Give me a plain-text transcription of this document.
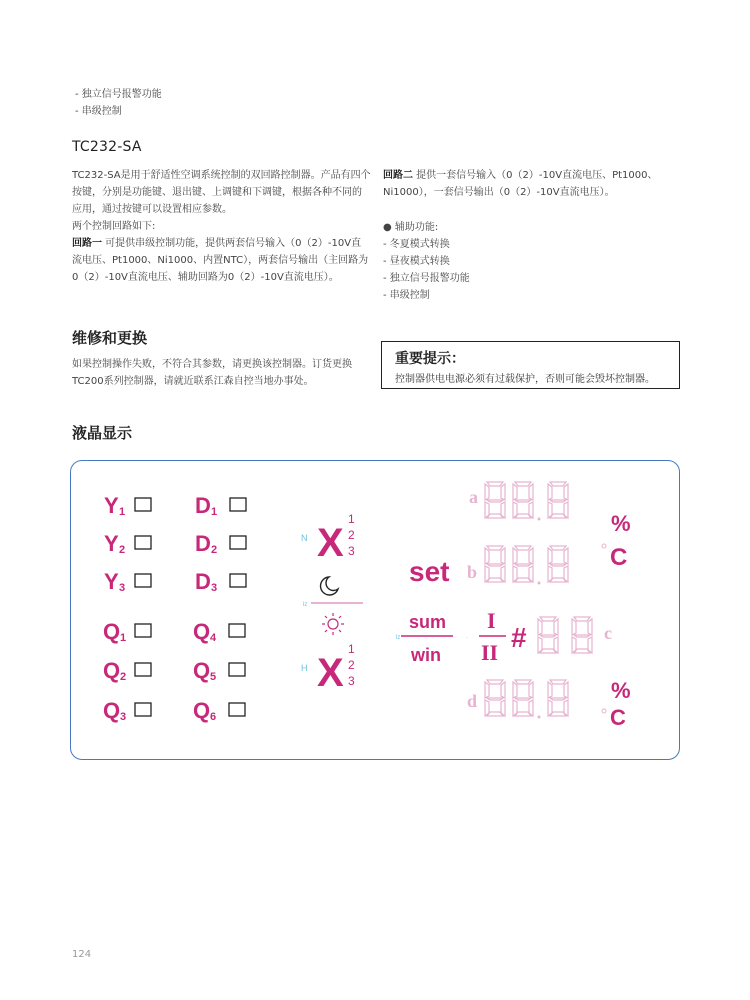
- 独立信号报警功能
- 串级控制
TC232-SA
TC232-SA是用于舒适性空调系统控制的双回路控制器。产品有四个
按键，分别是功能键、退出键、上调键和下调键，根据各种不同的
应用，通过按键可以设置相应参数。
两个控制回路如下:
回路一 可提供串级控制功能，提供两套信号输入（0（2）-10V直
流电压、Pt1000、Ni1000、内置NTC），两套信号输出（主回路为
0（2）-10V直流电压、辅助回路为0（2）-10V直流电压）。
回路二 提供一套信号输入（0（2）-10V直流电压、Pt1000、
Ni1000），一套信号输出（0（2）-10V直流电压）。
● 辅助功能:
- 冬夏模式转换
- 昼夜模式转换
- 独立信号报警功能
- 串级控制
维修和更换
如果控制操作失败，不符合其参数，请更换该控制器。订货更换
TC200系列控制器，请就近联系江森自控当地办事处。
重要提示：
控制器供电电源必须有过载保护，否则可能会毁坏控制器。
液晶显示
Y 1
Y 2
Y 3
Q 1
Q 2
Q 3
D 1
D 2
D 3
Q 4
Q 5
Q 6
N X
1
2
3
H X
1
2
3
lz
set
sum
win
I
II #
lz	·
a
b
c
d
%
C
%
C
124
